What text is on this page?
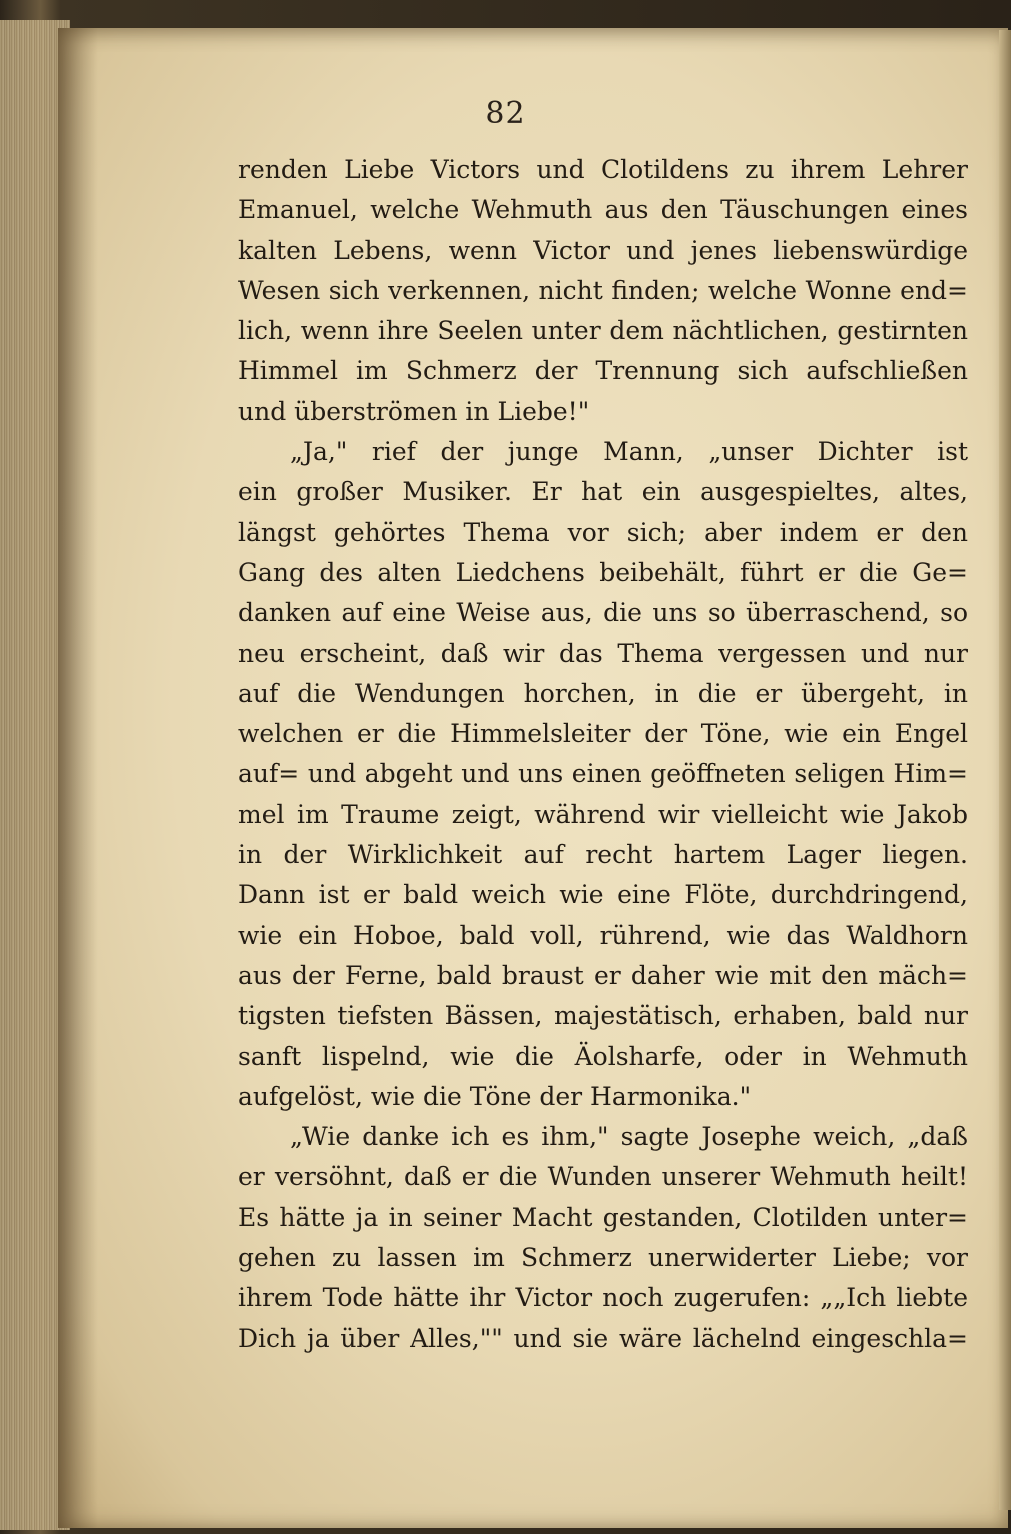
82
renden Liebe Victors und Clotildens zu ihrem Lehrer
Emanuel, welche Wehmuth aus den Täuschungen eines
kalten Lebens, wenn Victor und jenes liebenswürdige
Wesen sich verkennen, nicht finden; welche Wonne end=
lich, wenn ihre Seelen unter dem nächtlichen, gestirnten
Himmel im Schmerz der Trennung sich aufschließen
und überströmen in Liebe!"
„Ja," rief der junge Mann, „unser Dichter ist
ein großer Musiker. Er hat ein ausgespieltes, altes,
längst gehörtes Thema vor sich; aber indem er den
Gang des alten Liedchens beibehält, führt er die Ge=
danken auf eine Weise aus, die uns so überraschend, so
neu erscheint, daß wir das Thema vergessen und nur
auf die Wendungen horchen, in die er übergeht, in
welchen er die Himmelsleiter der Töne, wie ein Engel
auf= und abgeht und uns einen geöffneten seligen Him=
mel im Traume zeigt, während wir vielleicht wie Jakob
in der Wirklichkeit auf recht hartem Lager liegen.
Dann ist er bald weich wie eine Flöte, durchdringend,
wie ein Hoboe, bald voll, rührend, wie das Waldhorn
aus der Ferne, bald braust er daher wie mit den mäch=
tigsten tiefsten Bässen, majestätisch, erhaben, bald nur
sanft lispelnd, wie die Äolsharfe, oder in Wehmuth
aufgelöst, wie die Töne der Harmonika."
„Wie danke ich es ihm," sagte Josephe weich, „daß
er versöhnt, daß er die Wunden unserer Wehmuth heilt!
Es hätte ja in seiner Macht gestanden, Clotilden unter=
gehen zu lassen im Schmerz unerwiderter Liebe; vor
ihrem Tode hätte ihr Victor noch zugerufen: „„Ich liebte
Dich ja über Alles,"" und sie wäre lächelnd eingeschla=
